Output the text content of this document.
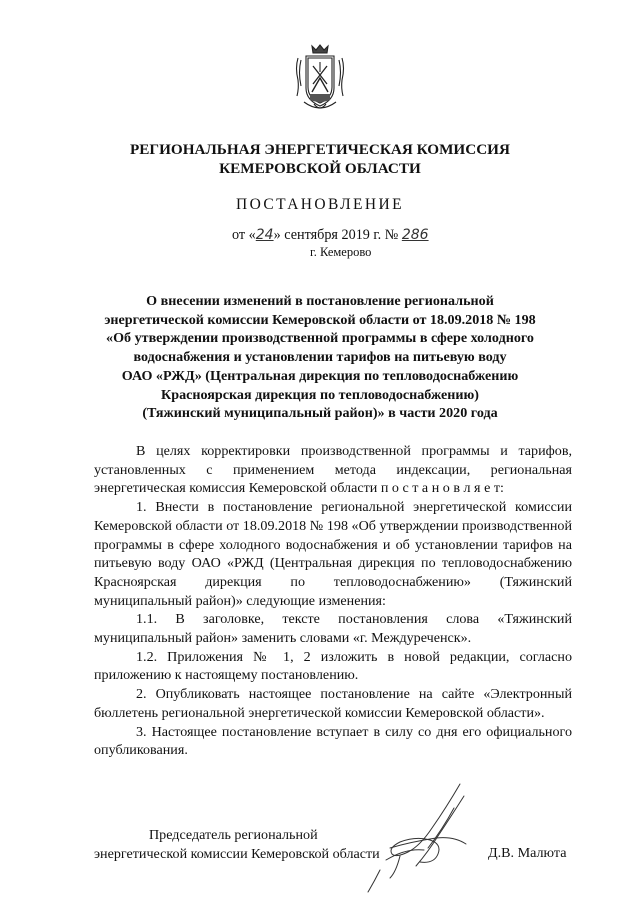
РЕГИОНАЛЬНАЯ ЭНЕРГЕТИЧЕСКАЯ КОМИССИЯ
КЕМЕРОВСКОЙ ОБЛАСТИ
ПОСТАНОВЛЕНИЕ
от «24» сентября 2019 г. № 286
г. Кемерово
О внесении изменений в постановление региональной
энергетической комиссии Кемеровской области от 18.09.2018 № 198
«Об утверждении производственной программы в сфере холодного
водоснабжения и установлении тарифов на питьевую воду
ОАО «РЖД» (Центральная дирекция по тепловодоснабжению
Красноярская дирекция по тепловодоснабжению)
(Тяжинский муниципальный район)» в части 2020 года

В целях корректировки производственной программы и тарифов, установленных с применением метода индексации, региональная энергетическая комиссия Кемеровской области п о с т а н о в л я е т:

1. Внести в постановление региональной энергетической комиссии Кемеровской области от 18.09.2018 № 198 «Об утверждении производственной программы в сфере холодного водоснабжения и об установлении тарифов на питьевую воду ОАО «РЖД (Центральная дирекция по тепловодоснабжению Красноярская дирекция по тепловодоснабжению» (Тяжинский муниципальный район)» следующие изменения:

1.1. В заголовке, тексте постановления слова «Тяжинский муниципальный район» заменить словами «г. Междуреченск».

1.2. Приложения № 1, 2 изложить в новой редакции, согласно приложению к настоящему постановлению.

2. Опубликовать настоящее постановление на сайте «Электронный бюллетень региональной энергетической комиссии Кемеровской области».

3. Настоящее постановление вступает в силу со дня его официального опубликования.

Председатель региональной
энергетической комиссии Кемеровской области	Д.В. Малюта
